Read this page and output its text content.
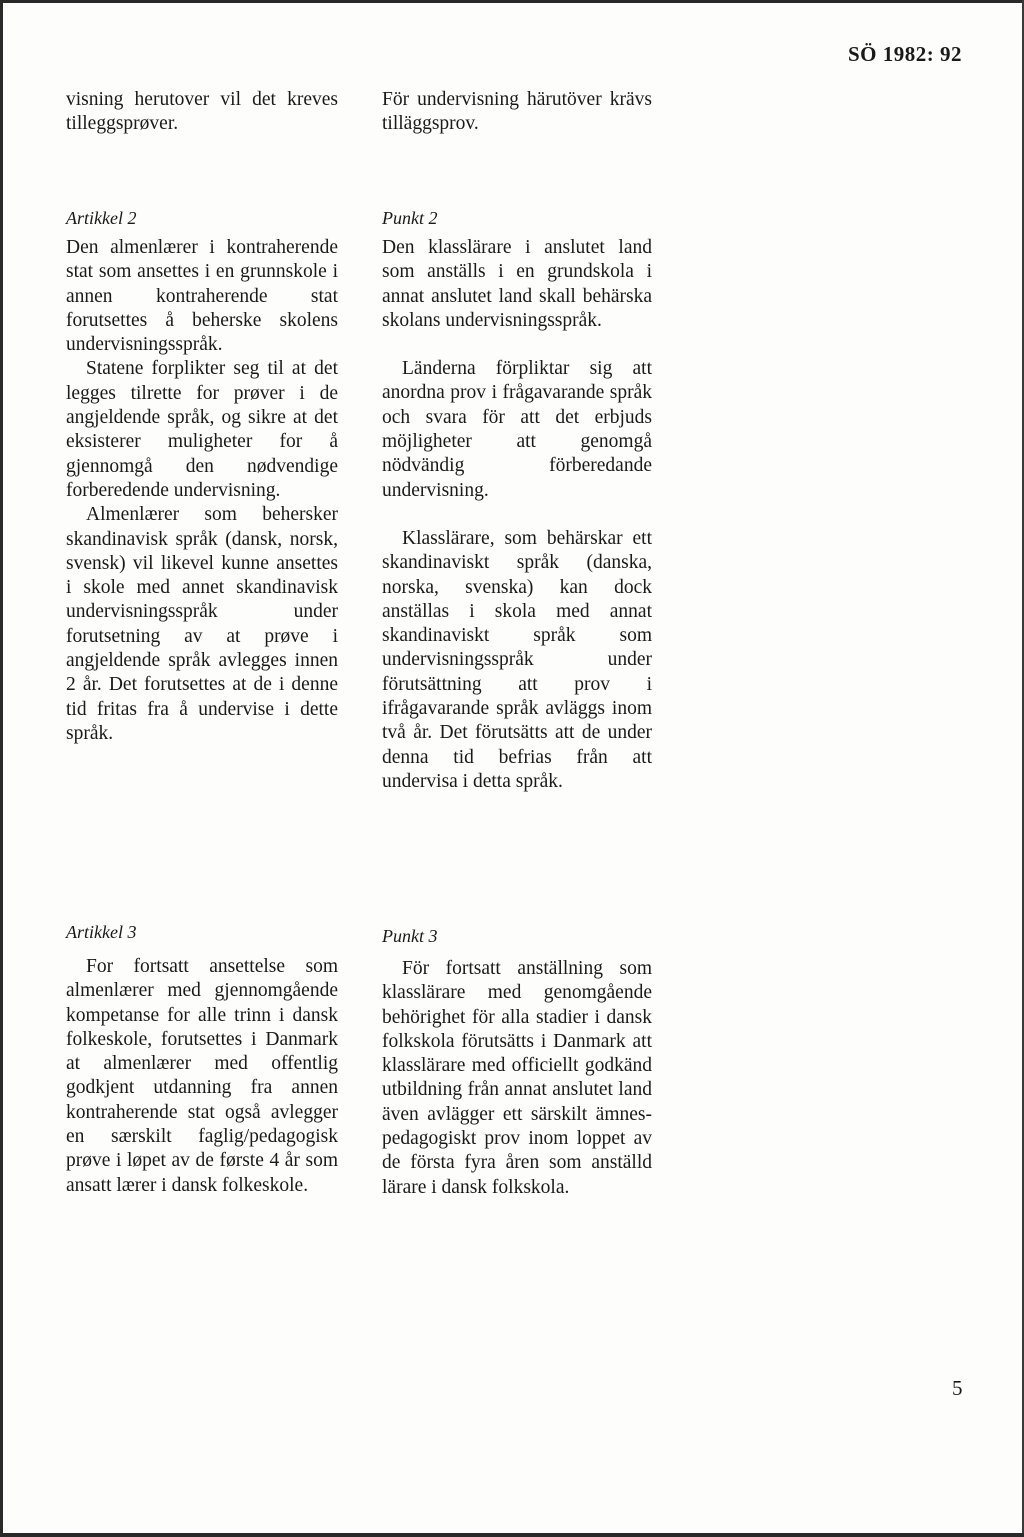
SÖ 1982: 92

visning herutover vil det kreves tilleggsprøver.

För undervisning härutöver krävs tilläggsprov.

Artikkel 2	Punkt 2

Den almenlærer i kontraherende stat som ansettes i en grunnskole i annen kontraherende stat forutsettes å beherske skolens undervisningsspråk.

Statene forplikter seg til at det legges tilrette for prøver i de angjeldende språk, og sikre at det eksisterer muligheter for å gjennomgå den nødvendige forberedende undervisning.

Almenlærer som behersker skandinavisk språk (dansk, norsk, svensk) vil likevel kunne ansettes i skole med annet skandinavisk undervisningsspråk under forutsetning av at prøve i angjeldende språk avlegges innen 2 år. Det forutsettes at de i denne tid fritas fra å undervise i dette språk.

Den klasslärare i anslutet land som anställs i en grundskola i annat anslutet land skall behärska skolans undervisningsspråk.

Länderna förpliktar sig att anordna prov i frågavarande språk och svara för att det erbjuds möjligheter att genomgå nödvändig förberedande undervisning.

Klasslärare, som behärskar ett skandinaviskt språk (danska, norska, svenska) kan dock anställas i skola med annat skandinaviskt språk som undervisningsspråk under förutsättning att prov i ifrågavarande språk avläggs inom två år. Det förutsätts att de under denna tid befrias från att undervisa i detta språk.

Artikkel 3	Punkt 3

For fortsatt ansettelse som almenlærer med gjennomgående kompetanse for alle trinn i dansk folkeskole, forutsettes i Danmark at almenlærer med offentlig godkjent utdanning fra annen kontraherende stat også avlegger en særskilt faglig/pedagogisk prøve i løpet av de første 4 år som ansatt lærer i dansk folkeskole.

För fortsatt anställning som klasslärare med genomgående behörighet för alla stadier i dansk folkskola förutsätts i Danmark att klasslärare med officiellt godkänd utbildning från annat anslutet land även avlägger ett särskilt ämnes-pedagogiskt prov inom loppet av de första fyra åren som anställd lärare i dansk folkskola.

5
